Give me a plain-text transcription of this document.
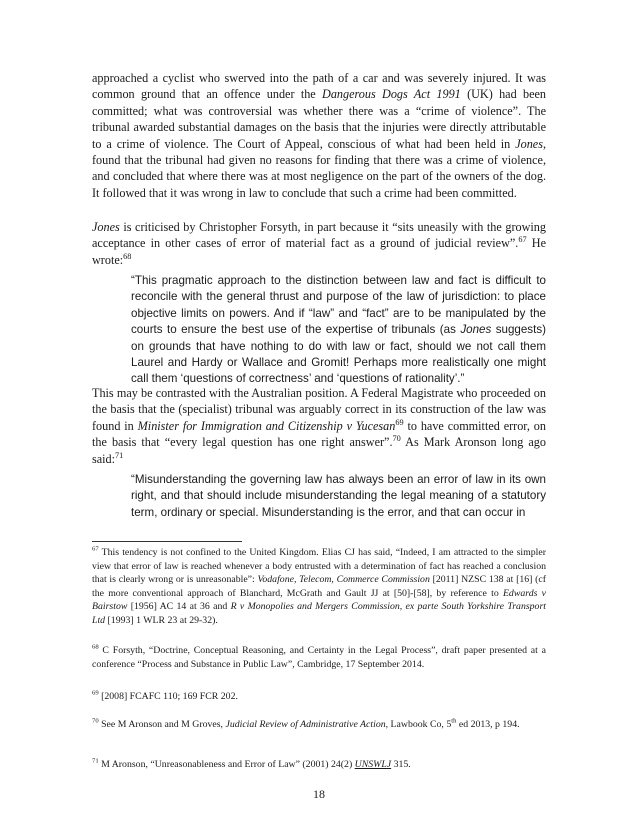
approached a cyclist who swerved into the path of a car and was severely injured. It was common ground that an offence under the Dangerous Dogs Act 1991 (UK) had been committed; what was controversial was whether there was a “crime of violence”. The tribunal awarded substantial damages on the basis that the injuries were directly attributable to a crime of violence. The Court of Appeal, conscious of what had been held in Jones, found that the tribunal had given no reasons for finding that there was a crime of violence, and concluded that where there was at most negligence on the part of the owners of the dog. It followed that it was wrong in law to conclude that such a crime had been committed.

Jones is criticised by Christopher Forsyth, in part because it “sits uneasily with the growing acceptance in other cases of error of material fact as a ground of judicial review”.$^{67}$ He wrote:$^{68}$

“This pragmatic approach to the distinction between law and fact is difficult to reconcile with the general thrust and purpose of the law of jurisdiction: to place objective limits on powers. And if “law” and “fact” are to be manipulated by the courts to ensure the best use of the expertise of tribunals (as Jones suggests) on grounds that have nothing to do with law or fact, should we not call them Laurel and Hardy or Wallace and Gromit! Perhaps more realistically one might call them ‘questions of correctness’ and ‘questions of rationality’.”

This may be contrasted with the Australian position. A Federal Magistrate who proceeded on the basis that the (specialist) tribunal was arguably correct in its construction of the law was found in Minister for Immigration and Citizenship v Yucesan$^{69}$ to have committed error, on the basis that “every legal question has one right answer”.$^{70}$ As Mark Aronson long ago said:$^{71}$

“Misunderstanding the governing law has always been an error of law in its own right, and that should include misunderstanding the legal meaning of a statutory term, ordinary or special. Misunderstanding is the error, and that can occur in

$^{67}$ This tendency is not confined to the United Kingdom. Elias CJ has said, “Indeed, I am attracted to the simpler view that error of law is reached whenever a body entrusted with a determination of fact has reached a conclusion that is clearly wrong or is unreasonable”: Vodafone, Telecom, Commerce Commission [2011] NZSC 138 at [16] (cf the more conventional approach of Blanchard, McGrath and Gault JJ at [50]-[58], by reference to Edwards v Bairstow [1956] AC 14 at 36 and R v Monopolies and Mergers Commission, ex parte South Yorkshire Transport Ltd [1993] 1 WLR 23 at 29-32).

$^{68}$ C Forsyth, “Doctrine, Conceptual Reasoning, and Certainty in the Legal Process”, draft paper presented at a conference “Process and Substance in Public Law”, Cambridge, 17 September 2014.

$^{69}$ [2008] FCAFC 110; 169 FCR 202.

$^{70}$ See M Aronson and M Groves, Judicial Review of Administrative Action, Lawbook Co, 5th ed 2013, p 194.

$^{71}$ M Aronson, “Unreasonableness and Error of Law” (2001) 24(2) UNSWLJ 315.

18
